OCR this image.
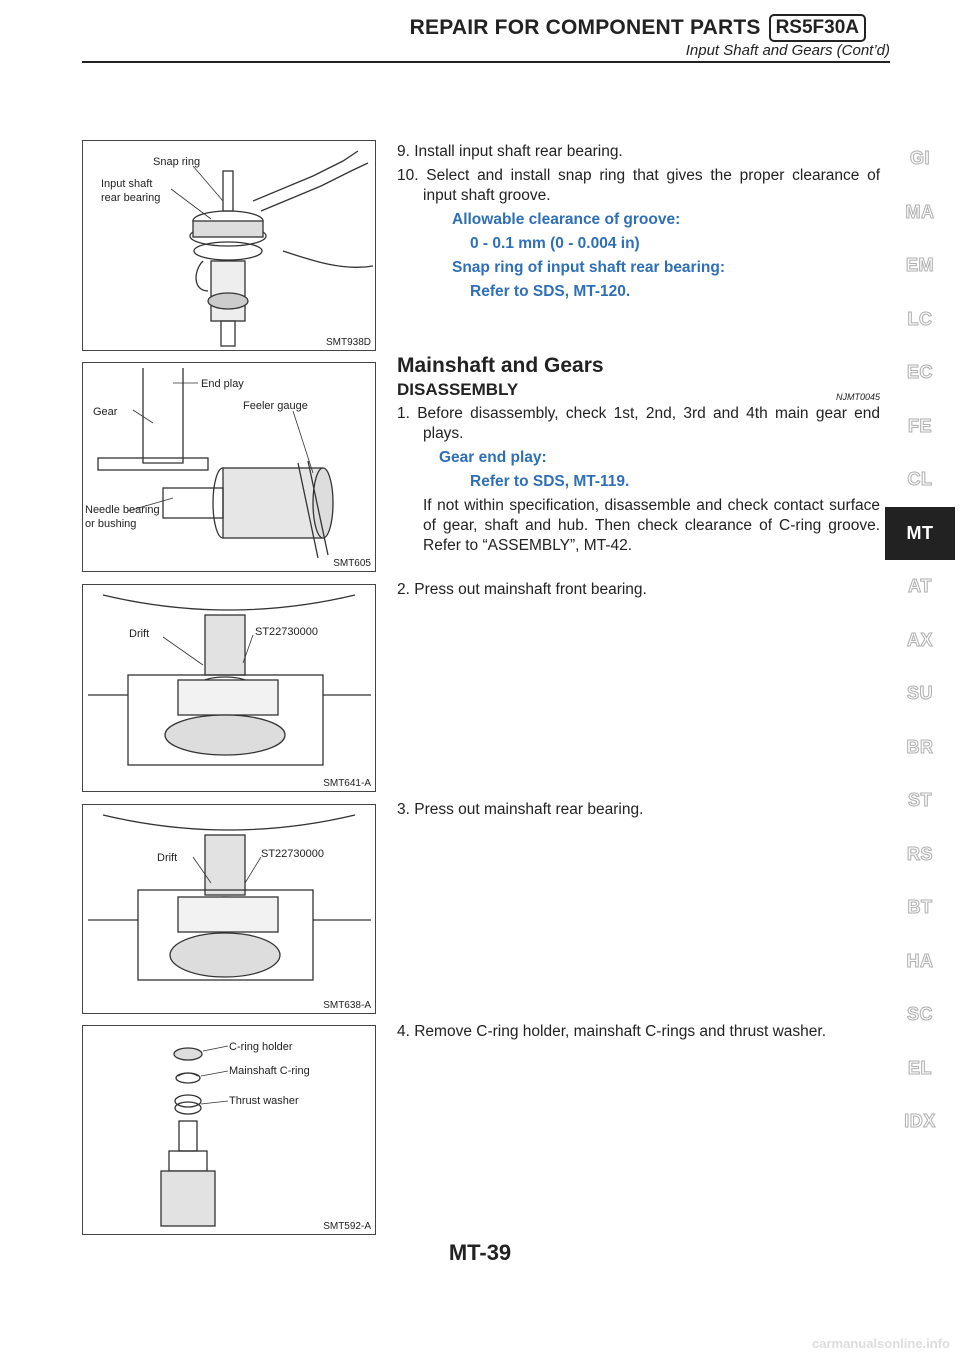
REPAIR FOR COMPONENT PARTS RS5F30A
Input Shaft and Gears (Cont’d)
Snap ring
Input shaft
rear bearing
SMT938D
End play
Gear	Feeler gauge
Needle bearing
or bushing
SMT605
Drift	ST22730000
SMT641-A
Drift	ST22730000
SMT638-A
C-ring holder
Mainshaft C-ring
Thrust washer
SMT592-A

9. Install input shaft rear bearing.

10. Select and install snap ring that gives the proper clearance of input shaft groove.

Allowable clearance of groove:

0 - 0.1 mm (0 - 0.004 in)

Snap ring of input shaft rear bearing:

Refer to SDS, MT-120.

Mainshaft and Gears

DISASSEMBLY	NJMT0045

1. Before disassembly, check 1st, 2nd, 3rd and 4th main gear end plays.

Gear end play:

Refer to SDS, MT-119.

If not within specification, disassemble and check contact surface of gear, shaft and hub. Then check clearance of C-ring groove. Refer to “ASSEMBLY”, MT-42.

2. Press out mainshaft front bearing.

3. Press out mainshaft rear bearing.

4. Remove C-ring holder, mainshaft C-rings and thrust washer.

GI
MA
EM
LC
EC
FE
CL
MT
AT
AX
SU
BR
ST
RS
BT
HA
SC
EL
IDX
MT-39
carmanualsonline.info
